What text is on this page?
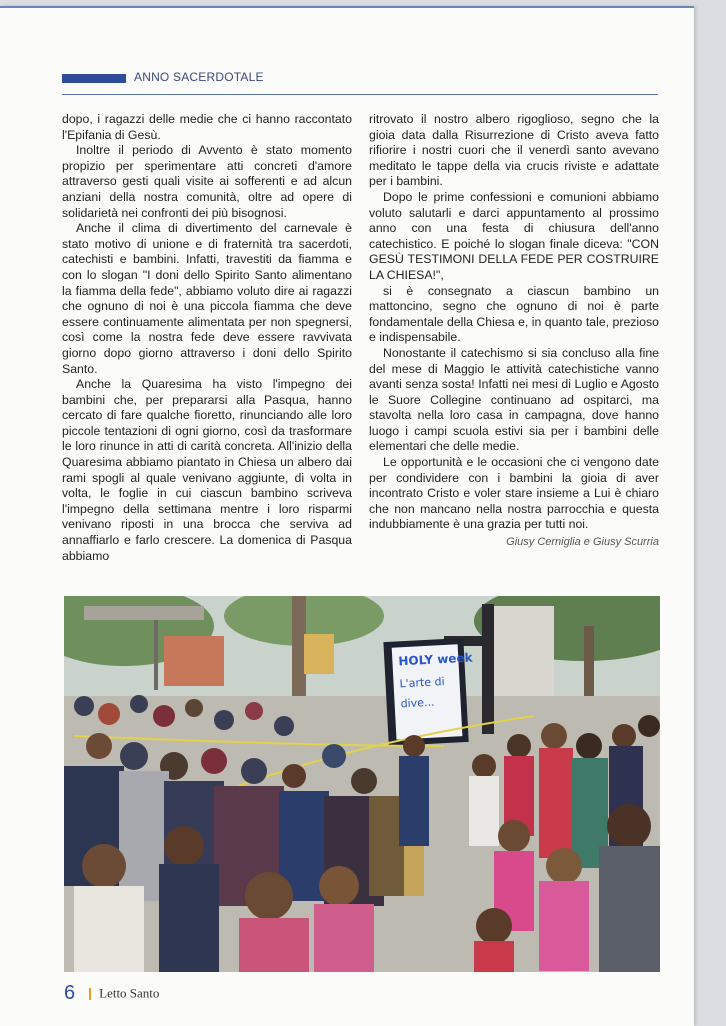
ANNO SACERDOTALE

dopo, i ragazzi delle medie che ci hanno raccontato l'Epifania di Gesù.

Inoltre il periodo di Avvento è stato momento propizio per sperimentare atti concreti d'amore attraverso gesti quali visite ai sofferenti e ad alcun anziani della nostra comunità, oltre ad opere di solidarietà nei confronti dei più bisognosi.

Anche il clima di divertimento del carnevale è stato motivo di unione e di fraternità tra sacerdoti, catechisti e bambini. Infatti, travestiti da fiamma e con lo slogan "I doni dello Spirito Santo alimentano la fiamma della fede", abbiamo voluto dire ai ragazzi che ognuno di noi è una piccola fiamma che deve essere continuamente alimentata per non spegnersi, così come la nostra fede deve essere ravvivata giorno dopo giorno attraverso i doni dello Spirito Santo.

Anche la Quaresima ha visto l'impegno dei bambini che, per prepararsi alla Pasqua, hanno cercato di fare qualche fioretto, rinunciando alle loro piccole tentazioni di ogni giorno, così da trasformare le loro rinunce in atti di carità concreta. All'inizio della Quaresima abbiamo piantato in Chiesa un albero dai rami spogli al quale venivano aggiunte, di volta in volta, le foglie in cui ciascun bambino scriveva l'impegno della settimana mentre i loro risparmi venivano riposti in una brocca che serviva ad annaffiarlo e farlo crescere. La domenica di Pasqua abbiamo

ritrovato il nostro albero rigoglioso, segno che la gioia data dalla Risurrezione di Cristo aveva fatto rifiorire i nostri cuori che il venerdì santo avevano meditato le tappe della via crucis riviste e adattate per i bambini.

Dopo le prime confessioni e comunioni abbiamo voluto salutarli e darci appuntamento al prossimo anno con una festa di chiusura dell'anno catechistico. E poiché lo slogan finale diceva: "CON GESÙ TESTIMONI DELLA FEDE PER COSTRUIRE LA CHIESA!",

si è consegnato a ciascun bambino un mattoncino, segno che ognuno di noi è parte fondamentale della Chiesa e, in quanto tale, prezioso e indispensabile.

Nonostante il catechismo si sia concluso alla fine del mese di Maggio le attività catechistiche vanno avanti senza sosta! Infatti nei mesi di Luglio e Agosto le Suore Collegine continuano ad ospitarci, ma stavolta nella loro casa in campagna, dove hanno luogo i campi scuola estivi sia per i bambini delle elementari che delle medie.

Le opportunità e le occasioni che ci vengono date per condividere con i bambini la gioia di aver incontrato Cristo e voler stare insieme a Lui è chiaro che non mancano nella nostra parrocchia e questa indubbiamente è una grazia per tutti noi.

Giusy Cerniglia e Giusy Scurria
HOLY week
L'arte di
dive...
6 Letto Santo
